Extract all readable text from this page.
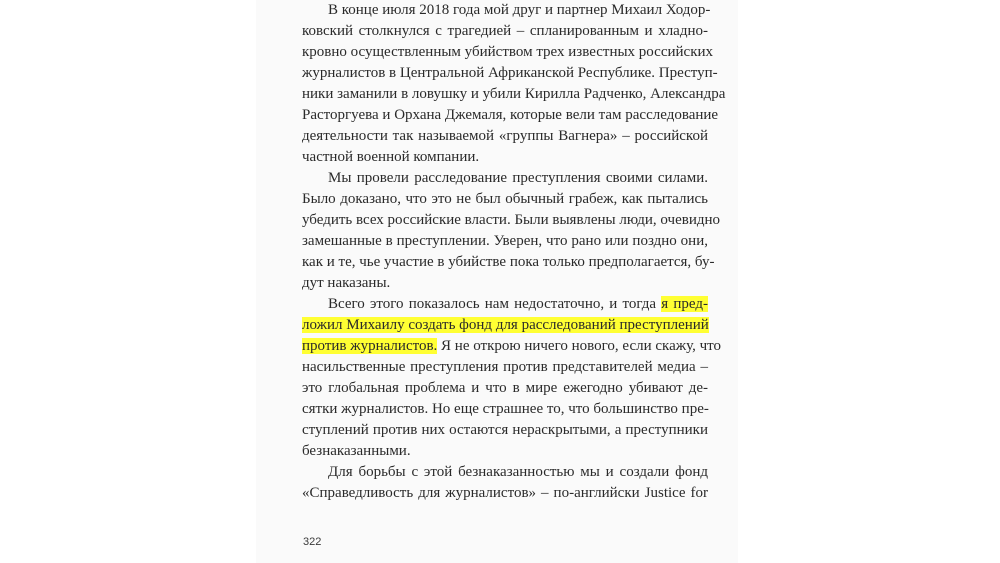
В конце июля 2018 года мой друг и партнер Михаил Ходор-
ковский столкнулся с трагедией – спланированным и хладно-
кровно осуществленным убийством трех известных российских
журналистов в Центральной Африканской Республике. Преступ-
ники заманили в ловушку и убили Кирилла Радченко, Александра
Расторгуева и Орхана Джемаля, которые вели там расследование
деятельности так называемой «группы Вагнера» – российской
частной военной компании.
Мы провели расследование преступления своими силами.
Было доказано, что это не был обычный грабеж, как пытались
убедить всех российские власти. Были выявлены люди, очевидно
замешанные в преступлении. Уверен, что рано или поздно они,
как и те, чье участие в убийстве пока только предполагается, бу-
дут наказаны.
Всего этого показалось нам недостаточно, и тогда я пред-
ложил Михаилу создать фонд для расследований преступлений
против журналистов. Я не открою ничего нового, если скажу, что
насильственные преступления против представителей медиа –
это глобальная проблема и что в мире ежегодно убивают де-
сятки журналистов. Но еще страшнее то, что большинство пре-
ступлений против них остаются нераскрытыми, а преступники
безнаказанными.
Для борьбы с этой безнаказанностью мы и создали фонд
«Справедливость для журналистов» – по-английски Justice for
322
